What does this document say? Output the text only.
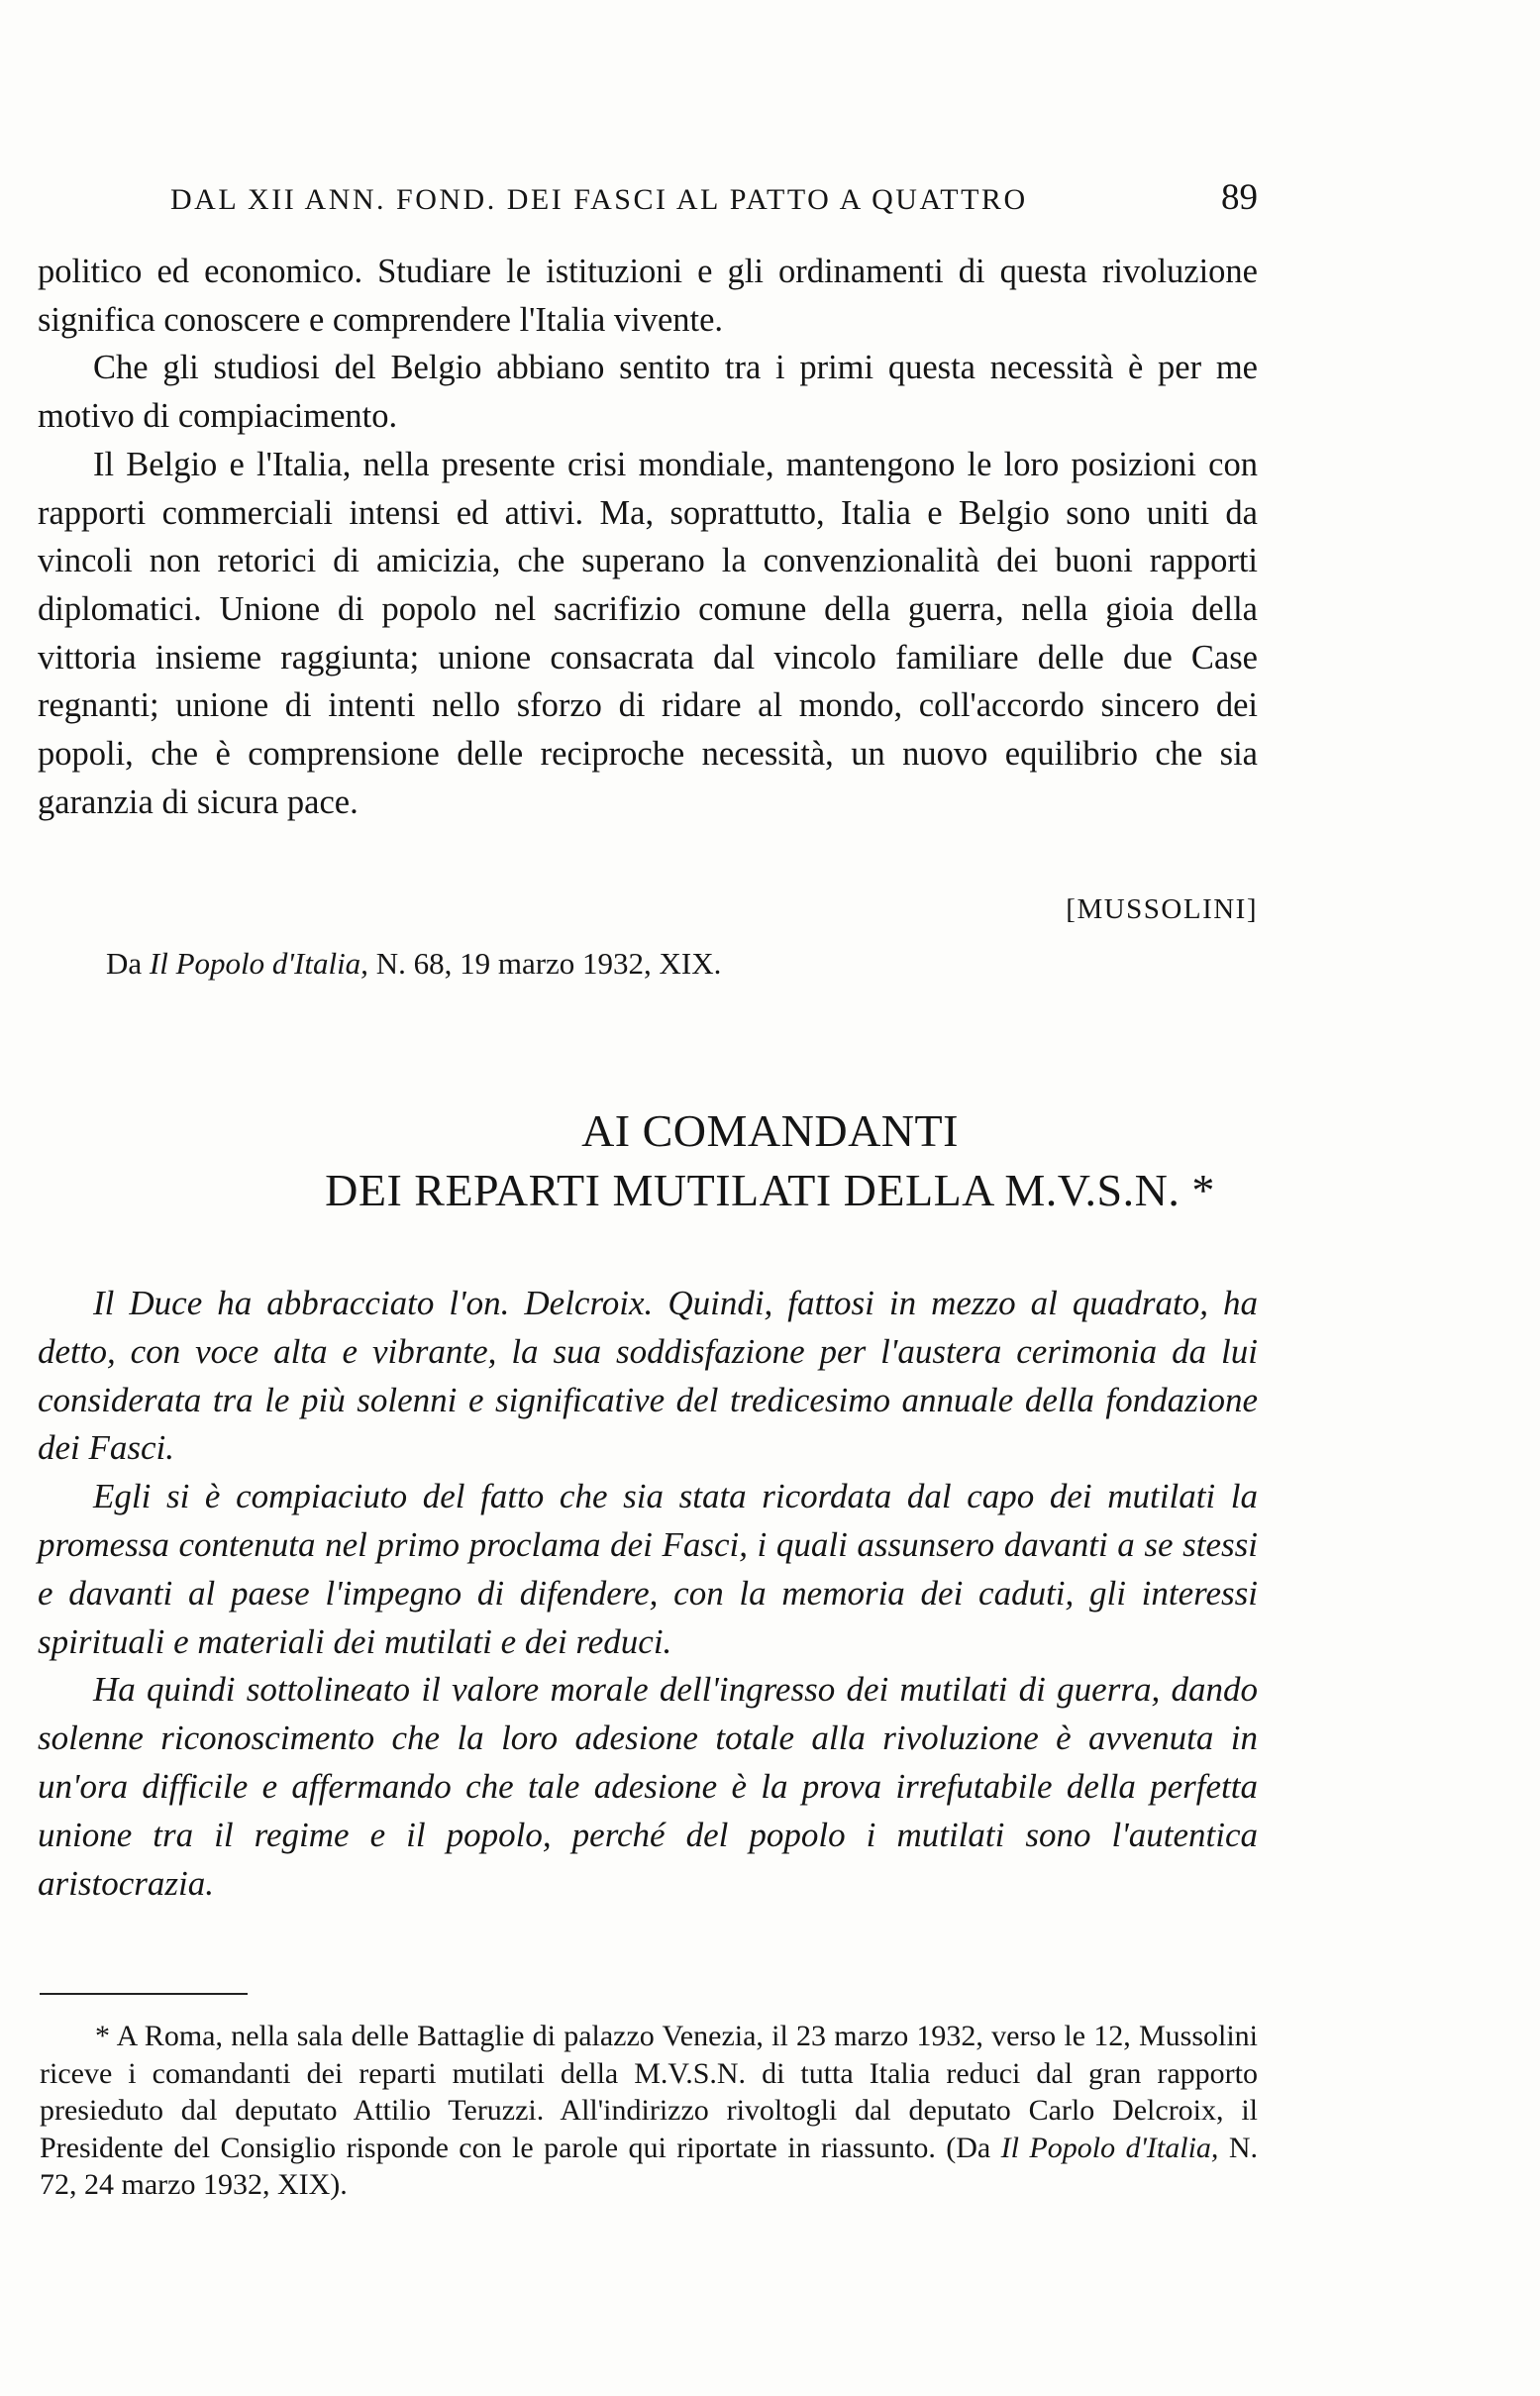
DAL XII ANN. FOND. DEI FASCI AL PATTO A QUATTRO	89

politico ed economico. Studiare le istituzioni e gli ordinamenti di questa rivoluzione significa conoscere e comprendere l'Italia vivente.

Che gli studiosi del Belgio abbiano sentito tra i primi questa necessità è per me motivo di compiacimento.

Il Belgio e l'Italia, nella presente crisi mondiale, mantengono le loro posizioni con rapporti commerciali intensi ed attivi. Ma, soprattutto, Italia e Belgio sono uniti da vincoli non retorici di amicizia, che superano la convenzionalità dei buoni rapporti diplomatici. Unione di popolo nel sacrifizio comune della guerra, nella gioia della vittoria insieme raggiunta; unione consacrata dal vincolo familiare delle due Case regnanti; unione di intenti nello sforzo di ridare al mondo, coll'accordo sincero dei popoli, che è comprensione delle reciproche necessità, un nuovo equilibrio che sia garanzia di sicura pace.

[MUSSOLINI]
Da Il Popolo d'Italia, N. 68, 19 marzo 1932, XIX.
AI COMANDANTI
DEI REPARTI MUTILATI DELLA M.V.S.N. *

Il Duce ha abbracciato l'on. Delcroix. Quindi, fattosi in mezzo al quadrato, ha detto, con voce alta e vibrante, la sua soddisfazione per l'austera cerimonia da lui considerata tra le più solenni e significative del tredicesimo annuale della fondazione dei Fasci.

Egli si è compiaciuto del fatto che sia stata ricordata dal capo dei mutilati la promessa contenuta nel primo proclama dei Fasci, i quali assunsero davanti a se stessi e davanti al paese l'impegno di difendere, con la memoria dei caduti, gli interessi spirituali e materiali dei mutilati e dei reduci.

Ha quindi sottolineato il valore morale dell'ingresso dei mutilati di guerra, dando solenne riconoscimento che la loro adesione totale alla rivoluzione è avvenuta in un'ora difficile e affermando che tale adesione è la prova irrefutabile della perfetta unione tra il regime e il popolo, perché del popolo i mutilati sono l'autentica aristocrazia.

* A Roma, nella sala delle Battaglie di palazzo Venezia, il 23 marzo 1932, verso le 12, Mussolini riceve i comandanti dei reparti mutilati della M.V.S.N. di tutta Italia reduci dal gran rapporto presieduto dal deputato Attilio Teruzzi. All'indirizzo rivoltogli dal deputato Carlo Delcroix, il Presidente del Consiglio risponde con le parole qui riportate in riassunto. (Da Il Popolo d'Italia, N. 72, 24 marzo 1932, XIX).
